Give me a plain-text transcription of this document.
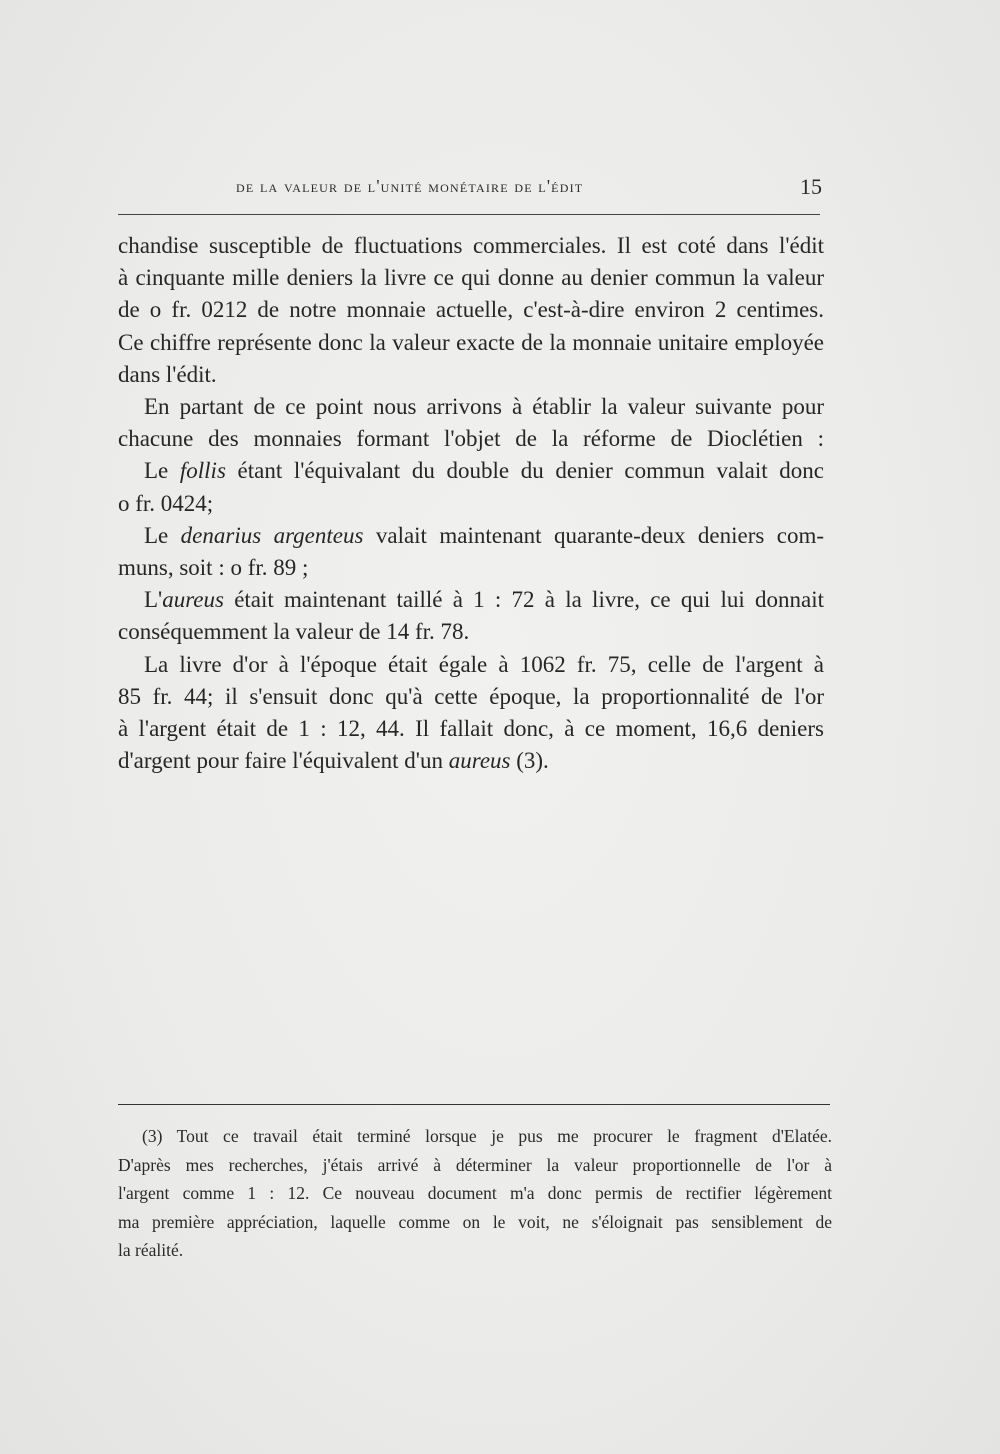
de la valeur de l'unité monétaire de l'édit	15

chandise susceptible de fluctuations commerciales. Il est coté dans l'édit
à cinquante mille deniers la livre ce qui donne au denier commun la valeur
de o fr. 0212 de notre monnaie actuelle, c'est-à-dire environ 2 centimes.
Ce chiffre représente donc la valeur exacte de la monnaie unitaire employée
dans l'édit.

En partant de ce point nous arrivons à établir la valeur suivante pour
chacune des monnaies formant l'objet de la réforme de Dioclétien :

Le follis étant l'équivalant du double du denier commun valait donc
o fr. 0424;

Le denarius argenteus valait maintenant quarante-deux deniers com-
muns, soit : o fr. 89 ;

L'aureus était maintenant taillé à 1 : 72 à la livre, ce qui lui donnait
conséquemment la valeur de 14 fr. 78.

La livre d'or à l'époque était égale à 1062 fr. 75, celle de l'argent à
85 fr. 44; il s'ensuit donc qu'à cette époque, la proportionnalité de l'or
à l'argent était de 1 : 12, 44. Il fallait donc, à ce moment, 16,6 deniers
d'argent pour faire l'équivalent d'un aureus (3).

(3) Tout ce travail était terminé lorsque je pus me procurer le fragment d'Elatée.
D'après mes recherches, j'étais arrivé à déterminer la valeur proportionnelle de l'or à
l'argent comme 1 : 12. Ce nouveau document m'a donc permis de rectifier légèrement
ma première appréciation, laquelle comme on le voit, ne s'éloignait pas sensiblement de
la réalité.
